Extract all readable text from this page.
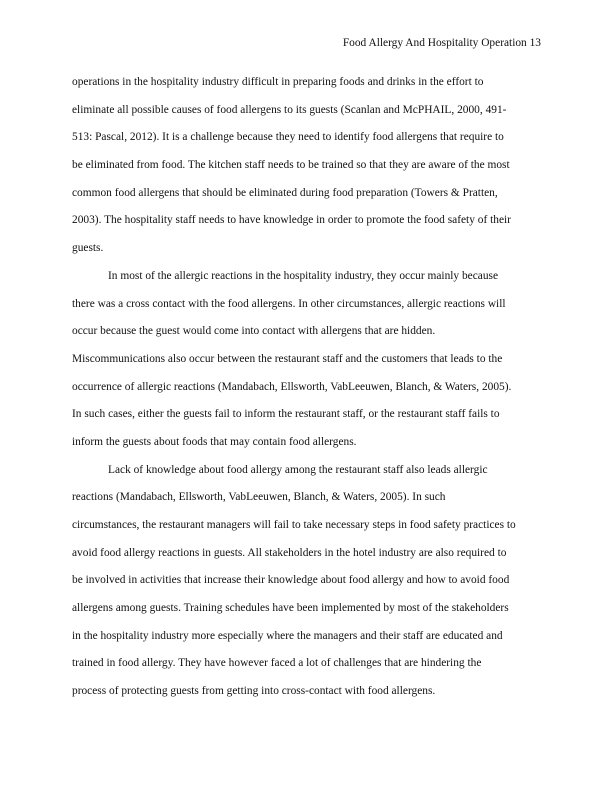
Food Allergy And Hospitality Operation 13
operations in the hospitality industry difficult in preparing foods and drinks in the effort to
eliminate all possible causes of food allergens to its guests (Scanlan and McPHAIL, 2000, 491-
513: Pascal, 2012). It is a challenge because they need to identify food allergens that require to
be eliminated from food. The kitchen staff needs to be trained so that they are aware of the most
common food allergens that should be eliminated during food preparation (Towers & Pratten,
2003). The hospitality staff needs to have knowledge in order to promote the food safety of their
guests.
In most of the allergic reactions in the hospitality industry, they occur mainly because
there was a cross contact with the food allergens. In other circumstances, allergic reactions will
occur because the guest would come into contact with allergens that are hidden.
Miscommunications also occur between the restaurant staff and the customers that leads to the
occurrence of allergic reactions (Mandabach, Ellsworth, VabLeeuwen, Blanch, & Waters, 2005).
In such cases, either the guests fail to inform the restaurant staff, or the restaurant staff fails to
inform the guests about foods that may contain food allergens.
Lack of knowledge about food allergy among the restaurant staff also leads allergic
reactions (Mandabach, Ellsworth, VabLeeuwen, Blanch, & Waters, 2005). In such
circumstances, the restaurant managers will fail to take necessary steps in food safety practices to
avoid food allergy reactions in guests. All stakeholders in the hotel industry are also required to
be involved in activities that increase their knowledge about food allergy and how to avoid food
allergens among guests. Training schedules have been implemented by most of the stakeholders
in the hospitality industry more especially where the managers and their staff are educated and
trained in food allergy. They have however faced a lot of challenges that are hindering the
process of protecting guests from getting into cross-contact with food allergens.
